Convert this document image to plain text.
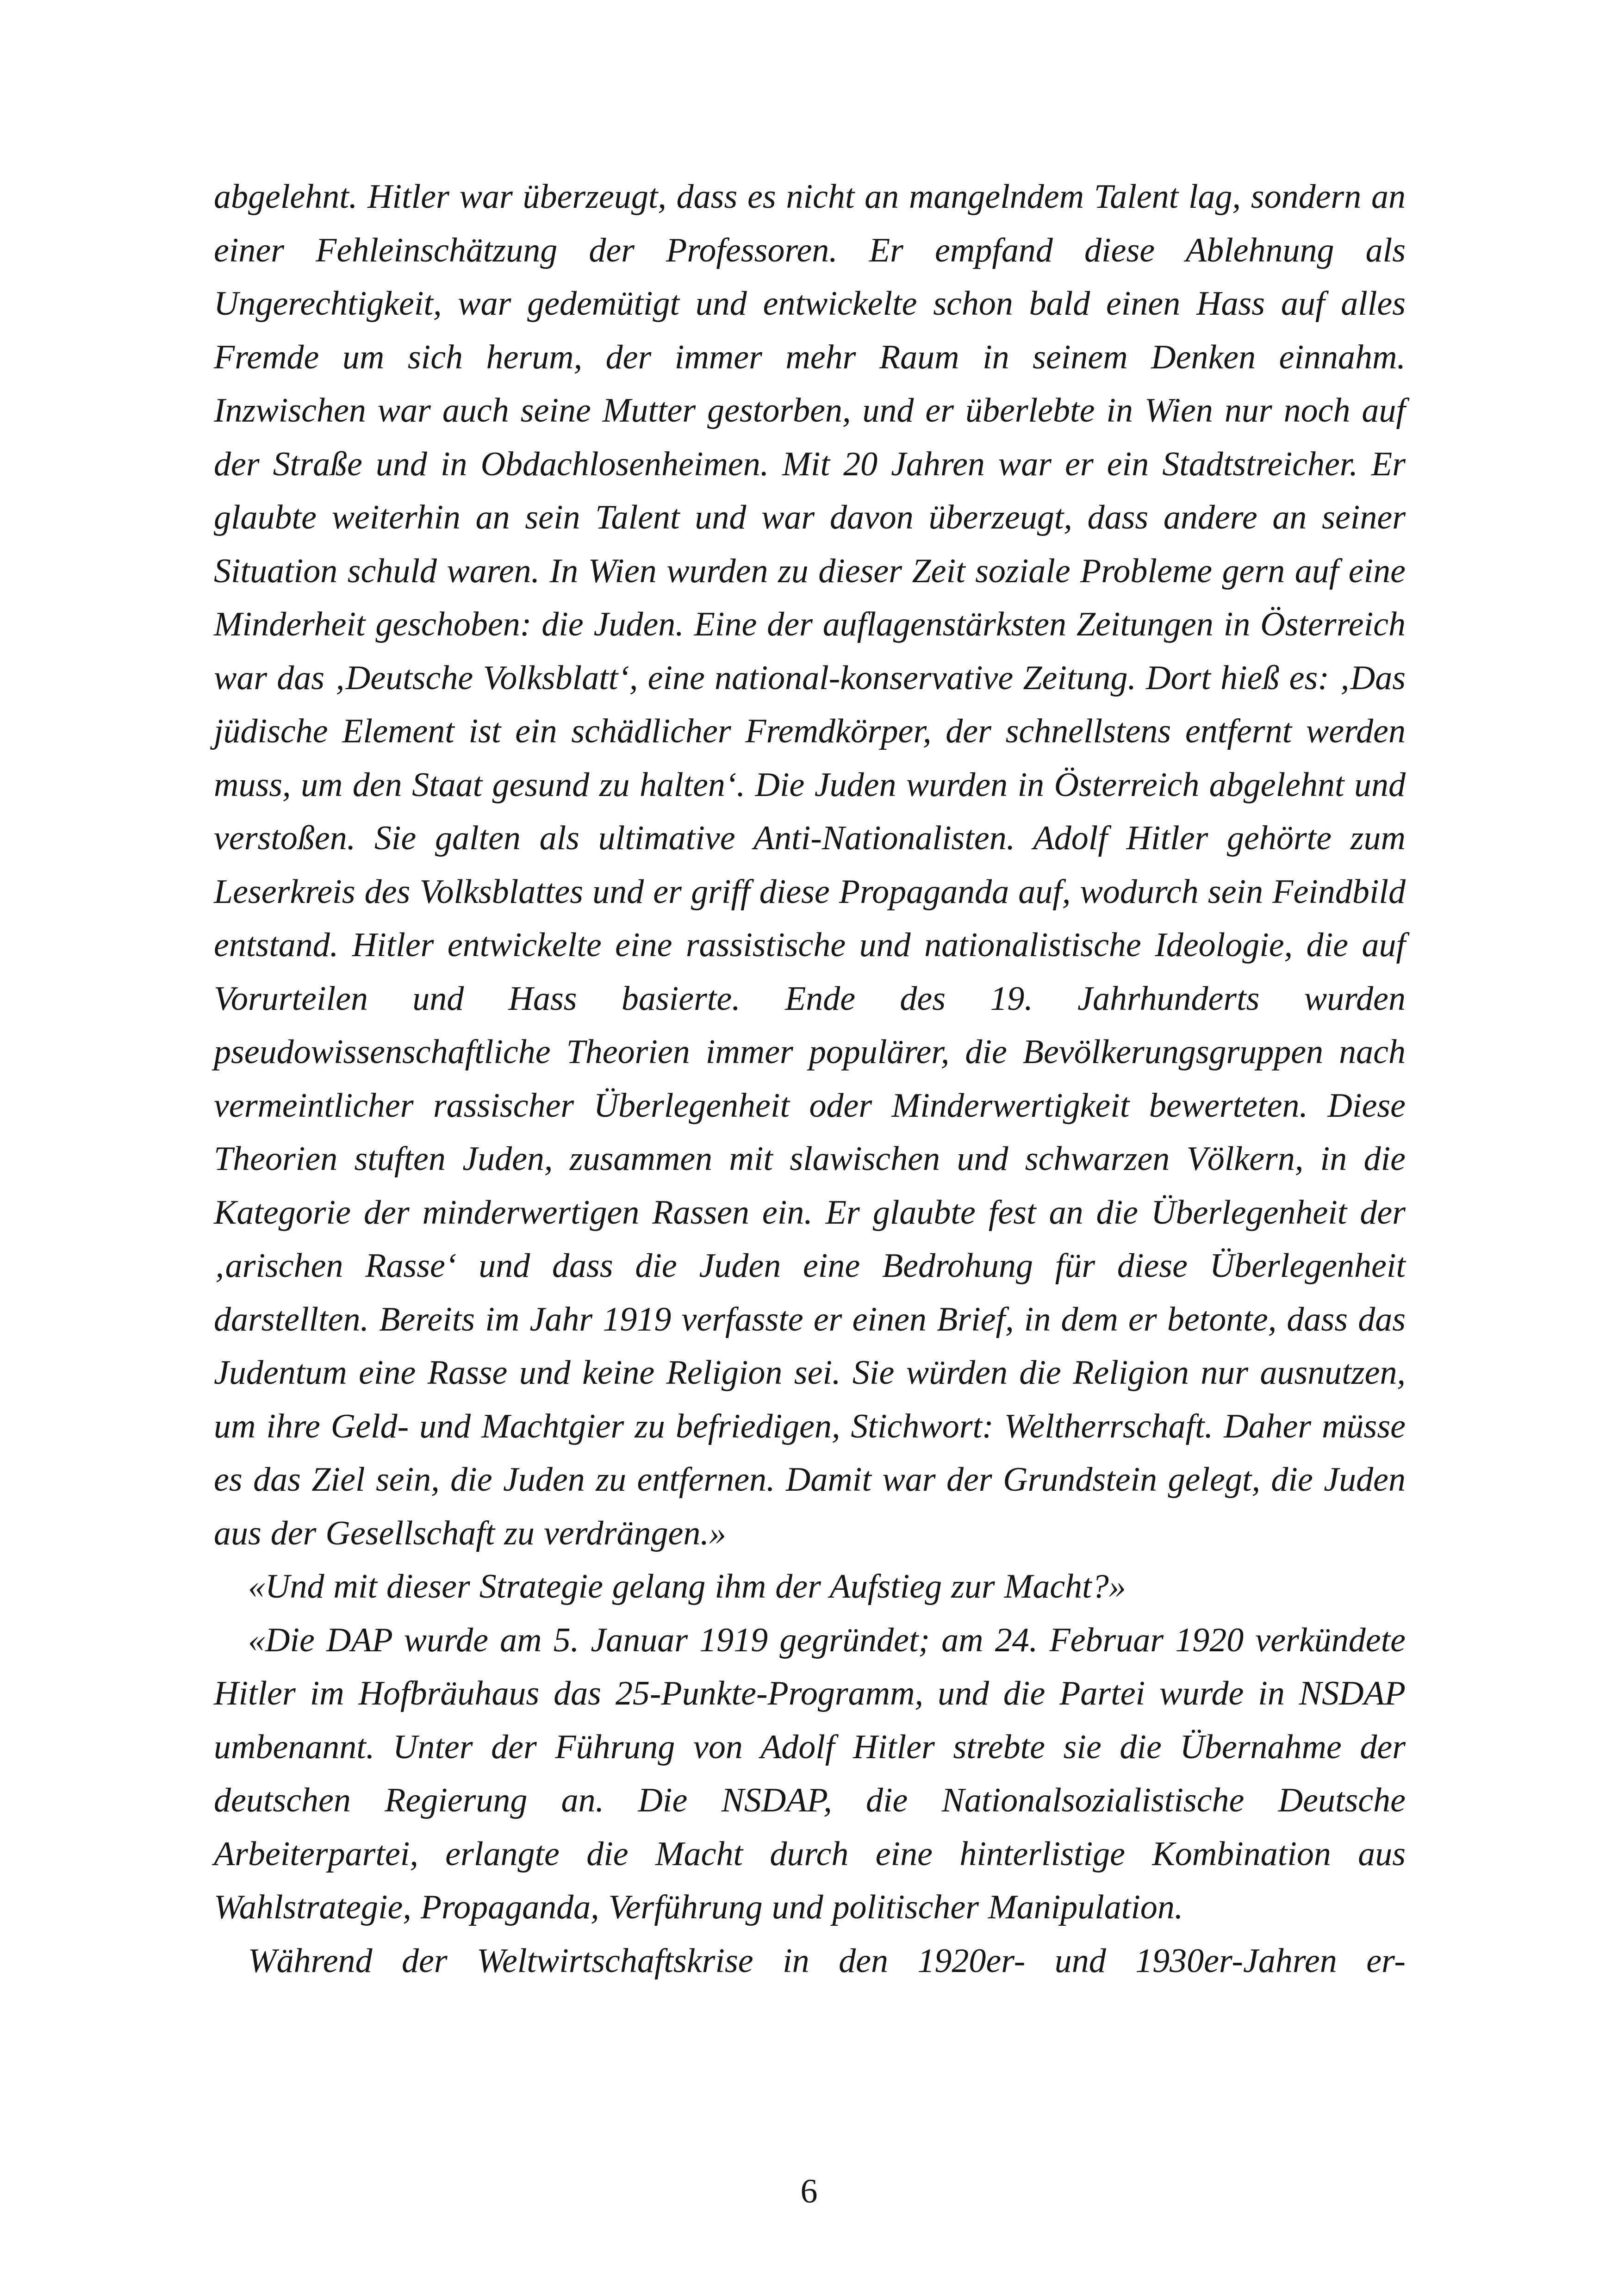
abgelehnt. Hitler war überzeugt, dass es nicht an mangelndem Talent lag, sondern an einer Fehleinschätzung der Professoren. Er empfand diese Ablehnung als Ungerechtigkeit, war gedemütigt und entwickelte schon bald einen Hass auf alles Fremde um sich herum, der immer mehr Raum in seinem Denken einnahm. Inzwischen war auch seine Mutter gestorben, und er überlebte in Wien nur noch auf der Straße und in Obdachlosenheimen. Mit 20 Jahren war er ein Stadtstreicher. Er glaubte weiterhin an sein Talent und war davon überzeugt, dass andere an seiner Situation schuld waren. In Wien wurden zu dieser Zeit soziale Probleme gern auf eine Minderheit geschoben: die Juden. Eine der auflagenstärksten Zeitungen in Österreich war das ‚Deutsche Volksblatt‘, eine national-konservative Zeitung. Dort hieß es: ‚Das jüdische Element ist ein schädlicher Fremdkörper, der schnellstens entfernt werden muss, um den Staat gesund zu halten‘. Die Juden wurden in Österreich abgelehnt und verstoßen. Sie galten als ultimative Anti-Nationalisten. Adolf Hitler gehörte zum Leserkreis des Volksblattes und er griff diese Propaganda auf, wodurch sein Feindbild entstand. Hitler entwickelte eine rassistische und nationalistische Ideologie, die auf Vorurteilen und Hass basierte. Ende des 19. Jahrhunderts wurden pseudowissenschaftliche Theorien immer populärer, die Bevölkerungsgruppen nach vermeintlicher rassischer Überlegenheit oder Minderwertigkeit bewerteten. Diese Theorien stuften Juden, zusammen mit slawischen und schwarzen Völkern, in die Kategorie der minderwertigen Rassen ein. Er glaubte fest an die Überlegenheit der ‚arischen Rasse‘ und dass die Juden eine Bedrohung für diese Überlegenheit darstellten. Bereits im Jahr 1919 verfasste er einen Brief, in dem er betonte, dass das Judentum eine Rasse und keine Religion sei. Sie würden die Religion nur ausnutzen, um ihre Geld- und Machtgier zu befriedigen, Stichwort: Weltherrschaft. Daher müsse es das Ziel sein, die Juden zu entfernen. Damit war der Grundstein gelegt, die Juden aus der Gesellschaft zu verdrängen.»

«Und mit dieser Strategie gelang ihm der Aufstieg zur Macht?»

«Die DAP wurde am 5. Januar 1919 gegründet; am 24. Februar 1920 verkündete Hitler im Hofbräuhaus das 25-Punkte-Programm, und die Partei wurde in NSDAP umbenannt. Unter der Führung von Adolf Hitler strebte sie die Übernahme der deutschen Regierung an. Die NSDAP, die Nationalsozialistische Deutsche Arbeiterpartei, erlangte die Macht durch eine hinterlistige Kombination aus Wahlstrategie, Propaganda, Verführung und politischer Manipulation.

Während der Weltwirtschaftskrise in den 1920er- und 1930er-Jahren er-

6
